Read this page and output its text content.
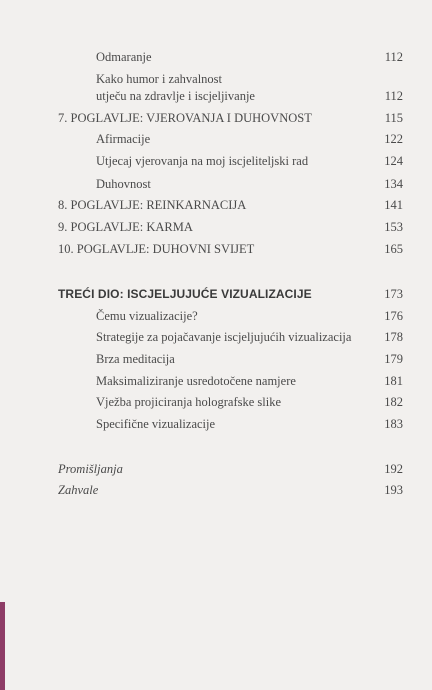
Odmaranje	112
Kako humor i zahvalnost
utječu na zdravlje i iscjeljivanje	112
7. POGLAVLJE: VJEROVANJA I DUHOVNOST	115
Afirmacije	122
Utjecaj vjerovanja na moj iscjeliteljski rad	124
Duhovnost	134
8. POGLAVLJE: REINKARNACIJA	141
9. POGLAVLJE: KARMA	153
10. POGLAVLJE: DUHOVNI SVIJET	165
TREĆI DIO: ISCJELJUJUĆE VIZUALIZACIJE	173
Čemu vizualizacije?	176
Strategije za pojačavanje iscjeljujućih vizualizacija	178
Brza meditacija	179
Maksimaliziranje usredotočene namjere	181
Vježba projiciranja holografske slike	182
Specifične vizualizacije	183
Promišljanja	192
Zahvale	193
